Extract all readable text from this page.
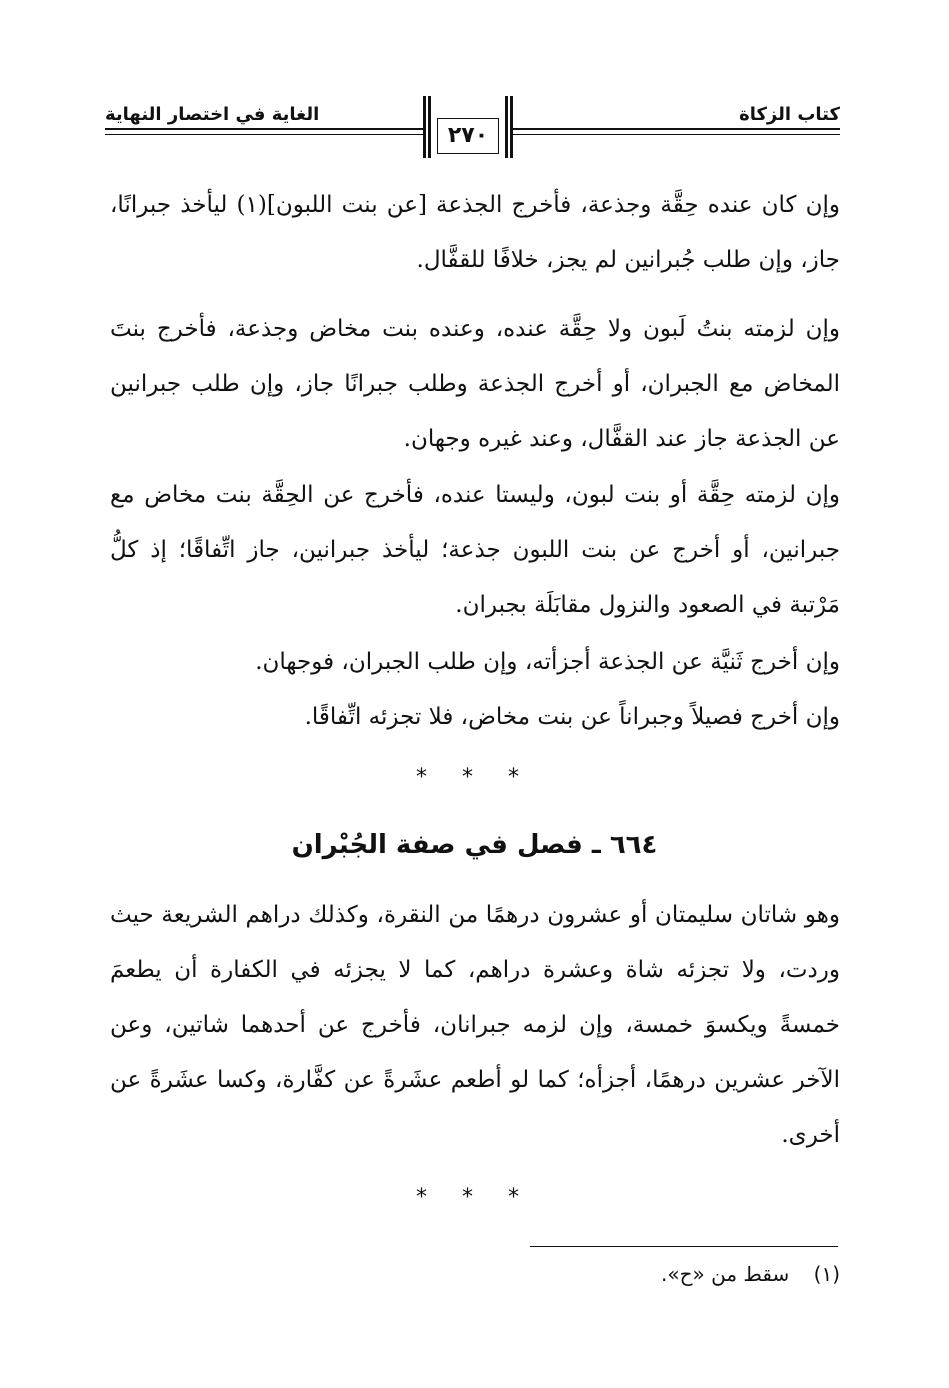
الغاية في اختصار النهاية	كتاب الزكاة
٢٧٠

وإن كان عنده حِقَّة وجذعة، فأخرج الجذعة [عن بنت اللبون](١) ليأخذ جبرانًا، جاز، وإن طلب جُبرانين لم يجز، خلافًا للقفَّال.

وإن لزمته بنتُ لَبون ولا حِقَّة عنده، وعنده بنت مخاض وجذعة، فأخرج بنتَ المخاض مع الجبران، أو أخرج الجذعة وطلب جبرانًا جاز، وإن طلب جبرانين عن الجذعة جاز عند القفَّال، وعند غيره وجهان.

وإن لزمته حِقَّة أو بنت لبون، وليستا عنده، فأخرج عن الحِقَّة بنت مخاض مع جبرانين، أو أخرج عن بنت اللبون جذعة؛ ليأخذ جبرانين، جاز اتِّفاقًا؛ إذ كلُّ مَرْتبة في الصعود والنزول مقابَلَة بجبران.

وإن أخرج ثَنيَّة عن الجذعة أجزأته، وإن طلب الجبران، فوجهان.

وإن أخرج فصيلاً وجبراناً عن بنت مخاض، فلا تجزئه اتِّفاقًا.

* * *
٦٦٤ ـ فصل في صفة الجُبْران

وهو شاتان سليمتان أو عشرون درهمًا من النقرة، وكذلك دراهم الشريعة حيث وردت، ولا تجزئه شاة وعشرة دراهم، كما لا يجزئه في الكفارة أن يطعمَ خمسةً ويكسوَ خمسة، وإن لزمه جبرانان، فأخرج عن أحدهما شاتين، وعن الآخر عشرين درهمًا، أجزأه؛ كما لو أطعم عشَرةً عن كفَّارة، وكسا عشَرةً عن أخرى.

* * *
(١) سقط من «ح».
